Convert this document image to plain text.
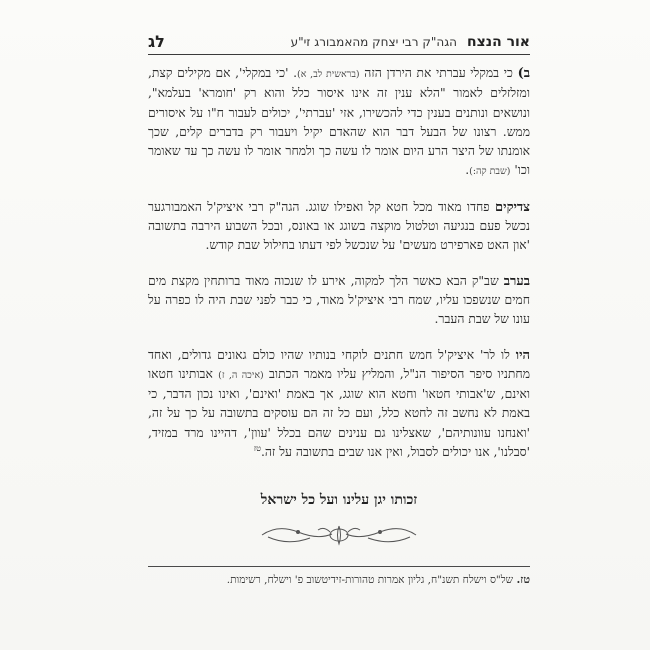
אור הנצח
הגה"ק רבי יצחק מהאמבורג זי"ע
לג

ב) כי במקלי עברתי את הירדן הזה (בראשית לב, א). 'כי במקלי', אם מקילים קצת, ומזלזלים לאמור "הלא ענין זה אינו איסור כלל והוא רק 'חומרא' בעלמא", ונושאים ונותנים בענין כדי להכשירו, אזי 'עברתי', יכולים לעבור ח"ו על איסורים ממש. רצונו של הבעל דבר הוא שהאדם יקיל ויעבור רק בדברים קלים, שכך אומנתו של היצר הרע היום אומר לו עשה כך ולמחר אומר לו עשה כך עד שאומר וכו' (שבת קה:).

צדיקים פחדו מאוד מכל חטא קל ואפילו שוגג. הגה"ק רבי איציק'ל האמבורגער נכשל פעם בנגיעה וטלטול מוקצה בשוגג או באונס, ובכל השבוע הירבה בתשובה 'און האט פארפירט מעשים' על שנכשל לפי דעתו בחילול שבת קודש.

בערב שב"ק הבא כאשר הלך למקוה, אירע לו שנכוה מאוד ברותחין מקצת מים חמים שנשפכו עליו, שמח רבי איציק'ל מאוד, כי כבר לפני שבת היה לו כפרה על עונו של שבת העבר.

היו לו לר' איציק'ל חמש חתנים לוקחי בנותיו שהיו כולם גאונים גדולים, ואחד מחתניו סיפר הסיפור הנ"ל, והמליץ עליו מאמר הכתוב (איכה ה, ז) אבותינו חטאו ואינם, ש'אבותי חטאו' וחטא הוא שוגג, אך באמת 'ואינם', ואינו נכון הדבר, כי באמת לא נחשב זה לחטא כלל, ועם כל זה הם עוסקים בתשובה על כך על זה, 'ואנחנו עוונותיהם', שאצלינו גם ענינים שהם בכלל 'עוון', דהיינו מרד במזיד, 'סבלנו', אנו יכולים לסבול, ואין אנו שבים בתשובה על זה.$^{טז}$

זכותו יגן עלינו ועל כל ישראל
טז. של"ס וישלח תשנ"ח, גליון אמרות טהורות-זידיטשוב פ' וישלח, רשימות.
